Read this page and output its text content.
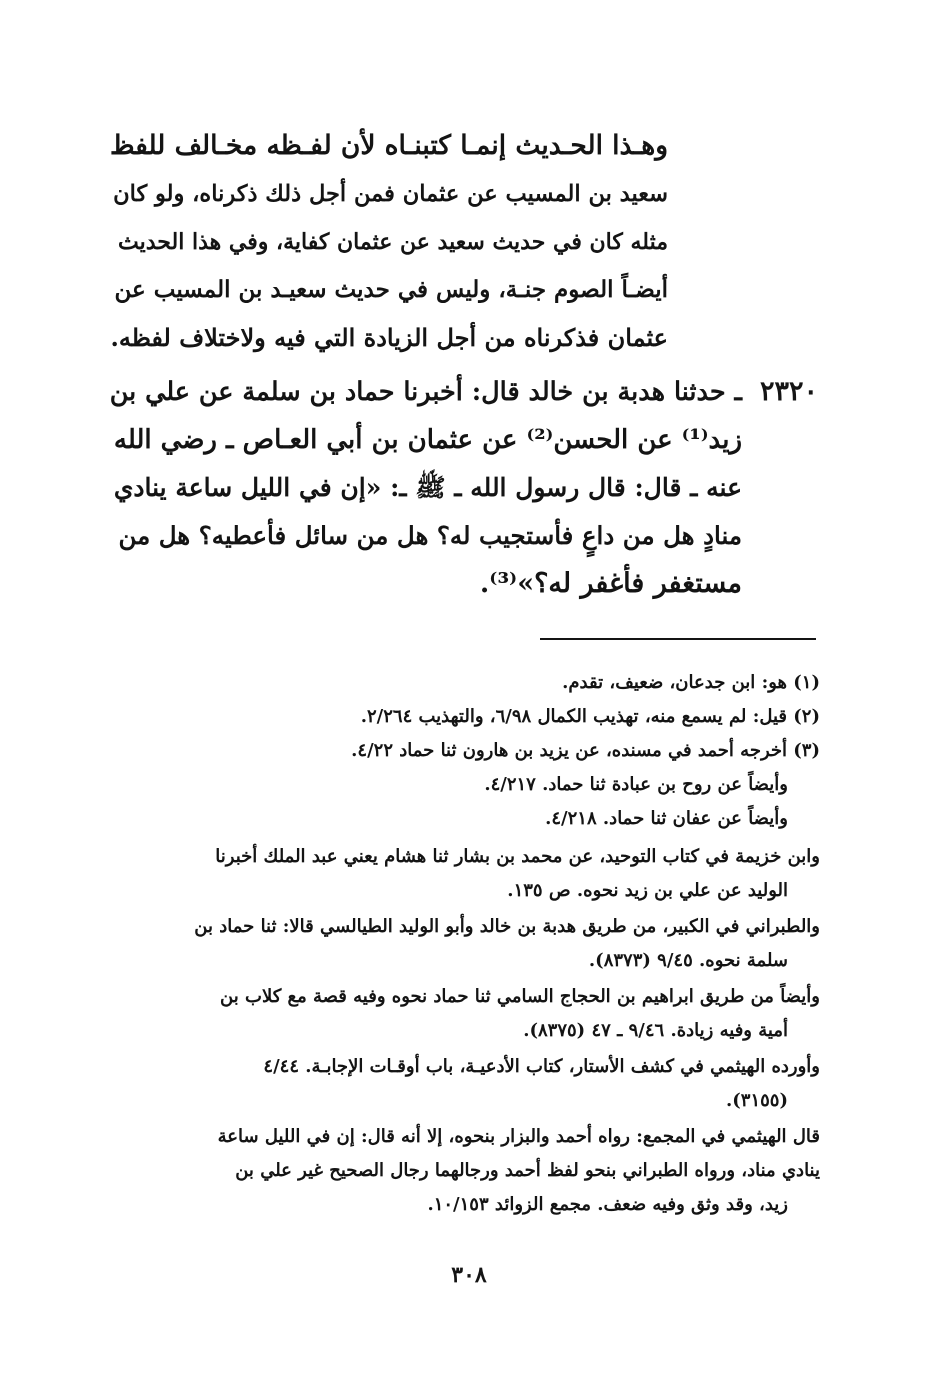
وهـذا الحـديث إنمـا كتبنـاه لأن لفـظه مخـالف للفظ
سعيد بن المسيب عن عثمان فمن أجل ذلك ذكرناه، ولو كان
مثله كان في حديث سعيد عن عثمان كفاية، وفي هذا الحديث
أيضـاً الصوم جنـة، وليس في حديث سعيـد بن المسيب عن
عثمان فذكرناه من أجل الزيادة التي فيه ولاختلاف لفظه.
٢٣٢٠
ـ حدثنا هدبة بن خالد قال: أخبرنا حماد بن سلمة عن علي بن
زيد⁽¹⁾ عن الحسن⁽²⁾ عن عثمان بن أبي العـاص ـ رضي الله
عنه ـ قال: قال رسول الله ـ ﷺ ـ: «إن في الليل ساعة ينادي
منادٍ هل من داعٍ فأستجيب له؟ هل من سائل فأعطيه؟ هل من
مستغفر فأغفر له؟»⁽³⁾.
(١) هو: ابن جدعان، ضعيف، تقدم.
(٢) قيل: لم يسمع منه، تهذيب الكمال ٦/٩٨، والتهذيب ٢/٢٦٤.
(٣) أخرجه أحمد في مسنده، عن يزيد بن هارون ثنا حماد ٤/٢٢.
وأيضاً عن روح بن عبادة ثنا حماد. ٤/٢١٧.
وأيضاً عن عفان ثنا حماد. ٤/٢١٨.
وابن خزيمة في كتاب التوحيد، عن محمد بن بشار ثنا هشام يعني عبد الملك أخبرنا
الوليد عن علي بن زيد نحوه. ص ١٣٥.
والطبراني في الكبير، من طريق هدبة بن خالد وأبو الوليد الطيالسي قالا: ثنا حماد بن
سلمة نحوه. ٩/٤٥ (٨٣٧٣).
وأيضاً من طريق ابراهيم بن الحجاج السامي ثنا حماد نحوه وفيه قصة مع كلاب بن
أمية وفيه زيادة. ٩/٤٦ ـ ٤٧ (٨٣٧٥).
وأورده الهيثمي في كشف الأستار، كتاب الأدعيـة، باب أوقـات الإجابـة. ٤/٤٤
(٣١٥٥).
قال الهيثمي في المجمع: رواه أحمد والبزار بنحوه، إلا أنه قال: إن في الليل ساعة
ينادي مناد، ورواه الطبراني بنحو لفظ أحمد ورجالهما رجال الصحيح غير علي بن
زيد، وقد وثق وفيه ضعف. مجمع الزوائد ١٠/١٥٣.
٣٠٨
